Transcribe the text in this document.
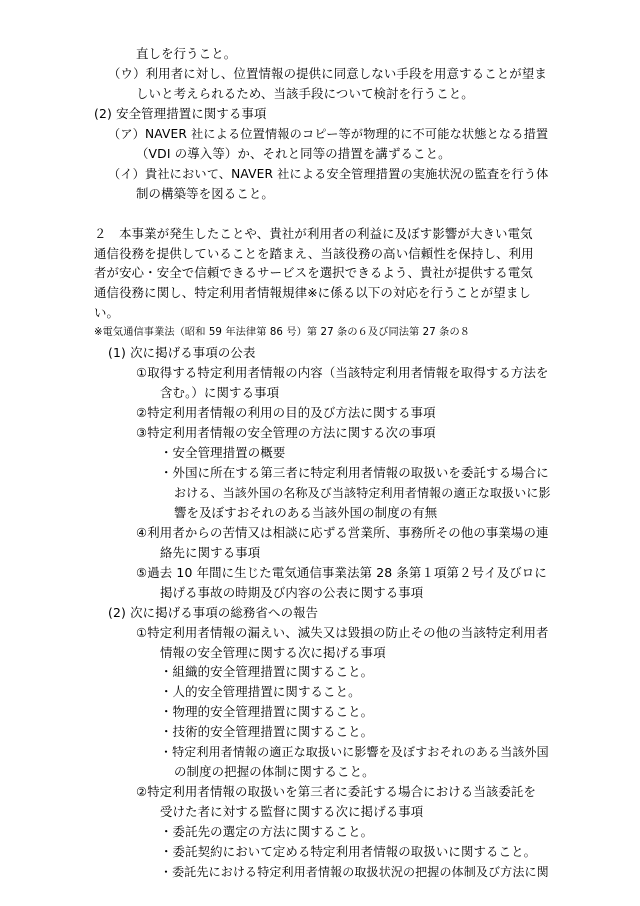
直しを行うこと。
（ウ）利用者に対し、位置情報の提供に同意しない手段を用意することが望ま
しいと考えられるため、当該手段について検討を行うこと。
(2) 安全管理措置に関する事項
（ア）NAVER 社による位置情報のコピー等が物理的に不可能な状態となる措置
（VDI の導入等）か、それと同等の措置を講ずること。
（イ）貴社において、NAVER 社による安全管理措置の実施状況の監査を行う体
制の構築等を図ること。
２　本事業が発生したことや、貴社が利用者の利益に及ぼす影響が大きい電気
通信役務を提供していることを踏まえ、当該役務の高い信頼性を保持し、利用
者が安心・安全で信頼できるサービスを選択できるよう、貴社が提供する電気
通信役務に関し、特定利用者情報規律※に係る以下の対応を行うことが望まし
い。
※電気通信事業法（昭和 59 年法律第 86 号）第 27 条の６及び同法第 27 条の８
(1) 次に掲げる事項の公表
①取得する特定利用者情報の内容（当該特定利用者情報を取得する方法を
含む。）に関する事項
②特定利用者情報の利用の目的及び方法に関する事項
③特定利用者情報の安全管理の方法に関する次の事項
・安全管理措置の概要
・外国に所在する第三者に特定利用者情報の取扱いを委託する場合に
おける、当該外国の名称及び当該特定利用者情報の適正な取扱いに影
響を及ぼすおそれのある当該外国の制度の有無
④利用者からの苦情又は相談に応ずる営業所、事務所その他の事業場の連
絡先に関する事項
⑤過去 10 年間に生じた電気通信事業法第 28 条第１項第２号イ及びロに
掲げる事故の時期及び内容の公表に関する事項
(2) 次に掲げる事項の総務省への報告
①特定利用者情報の漏えい、滅失又は毀損の防止その他の当該特定利用者
情報の安全管理に関する次に掲げる事項
・組織的安全管理措置に関すること。
・人的安全管理措置に関すること。
・物理的安全管理措置に関すること。
・技術的安全管理措置に関すること。
・特定利用者情報の適正な取扱いに影響を及ぼすおそれのある当該外国
の制度の把握の体制に関すること。
②特定利用者情報の取扱いを第三者に委託する場合における当該委託を
受けた者に対する監督に関する次に掲げる事項
・委託先の選定の方法に関すること。
・委託契約において定める特定利用者情報の取扱いに関すること。
・委託先における特定利用者情報の取扱状況の把握の体制及び方法に関
